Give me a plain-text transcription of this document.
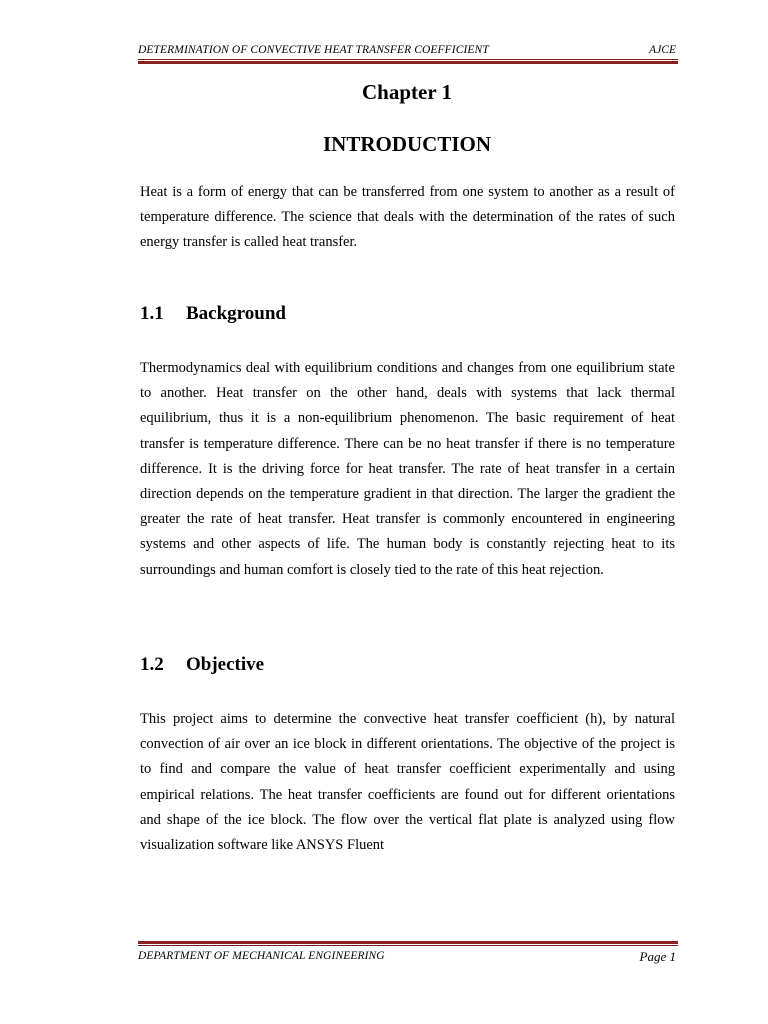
DETERMINATION OF CONVECTIVE HEAT TRANSFER COEFFICIENT	AJCE
Chapter 1
INTRODUCTION

Heat is a form of energy that can be transferred from one system to another as a result of temperature difference. The science that deals with the determination of the rates of such energy transfer is called heat transfer.

1.1 Background

Thermodynamics deal with equilibrium conditions and changes from one equilibrium state to another. Heat transfer on the other hand, deals with systems that lack thermal equilibrium, thus it is a non-equilibrium phenomenon. The basic requirement of heat transfer is temperature difference. There can be no heat transfer if there is no temperature difference. It is the driving force for heat transfer. The rate of heat transfer in a certain direction depends on the temperature gradient in that direction. The larger the gradient the greater the rate of heat transfer. Heat transfer is commonly encountered in engineering systems and other aspects of life. The human body is constantly rejecting heat to its surroundings and human comfort is closely tied to the rate of this heat rejection.

1.2 Objective

This project aims to determine the convective heat transfer coefficient (h), by natural convection of air over an ice block in different orientations. The objective of the project is to find and compare the value of heat transfer coefficient experimentally and using empirical relations. The heat transfer coefficients are found out for different orientations and shape of the ice block. The flow over the vertical flat plate is analyzed using flow visualization software like ANSYS Fluent

DEPARTMENT OF MECHANICAL ENGINEERING	Page 1
